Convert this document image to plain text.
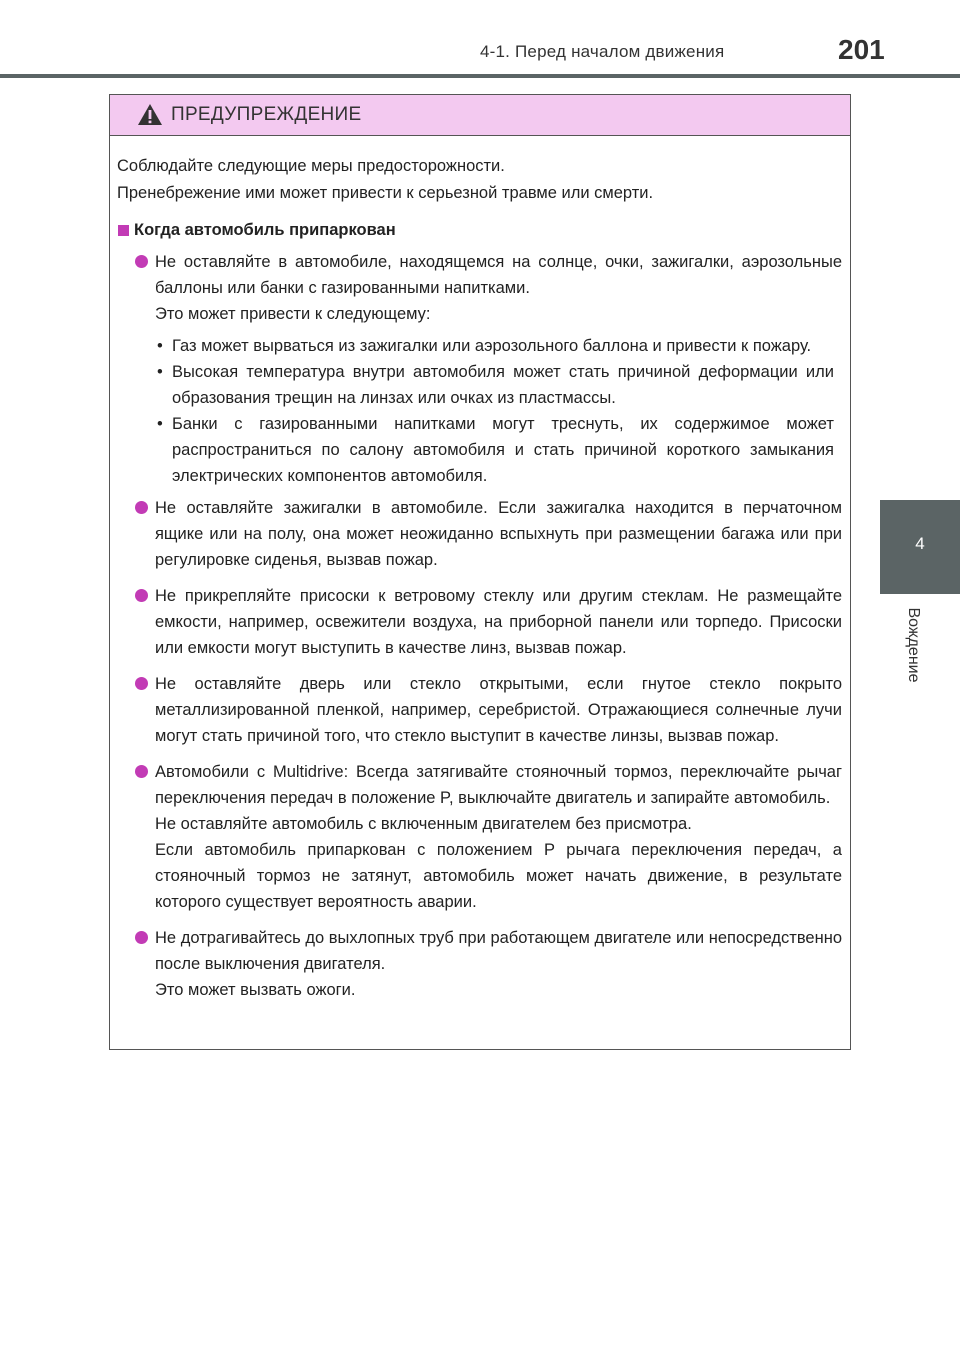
4-1. Перед началом движения	201
4
Вождение
ПРЕДУПРЕЖДЕНИЕ

Соблюдайте следующие меры предосторожности.

Пренебрежение ими может привести к серьезной травме или смерти.

Когда автомобиль припаркован

Не оставляйте в автомобиле, находящемся на солнце, очки, зажигалки, аэрозольные баллоны или банки с газированными напитками.

Это может привести к следующему:

• Газ может вырваться из зажигалки или аэрозольного баллона и привести к пожару.
• Высокая температура внутри автомобиля может стать причиной деформации или образования трещин на линзах или очках из пластмассы.
• Банки с газированными напитками могут треснуть, их содержимое может распространиться по салону автомобиля и стать причиной короткого замыкания электрических компонентов автомобиля.

Не оставляйте зажигалки в автомобиле. Если зажигалка находится в перчаточном ящике или на полу, она может неожиданно вспыхнуть при размещении багажа или при регулировке сиденья, вызвав пожар.

Не прикрепляйте присоски к ветровому стеклу или другим стеклам. Не размещайте емкости, например, освежители воздуха, на приборной панели или торпедо. Присоски или емкости могут выступить в качестве линз, вызвав пожар.

Не оставляйте дверь или стекло открытыми, если гнутое стекло покрыто металлизированной пленкой, например, серебристой. Отражающиеся солнечные лучи могут стать причиной того, что стекло выступит в качестве линзы, вызвав пожар.

Автомобили с Multidrive: Всегда затягивайте стояночный тормоз, переключайте рычаг переключения передач в положение P, выключайте двигатель и запирайте автомобиль.

Не оставляйте автомобиль с включенным двигателем без присмотра.

Если автомобиль припаркован с положением P рычага переключения передач, а стояночный тормоз не затянут, автомобиль может начать движение, в результате которого существует вероятность аварии.

Не дотрагивайтесь до выхлопных труб при работающем двигателе или непосредственно после выключения двигателя.

Это может вызвать ожоги.
